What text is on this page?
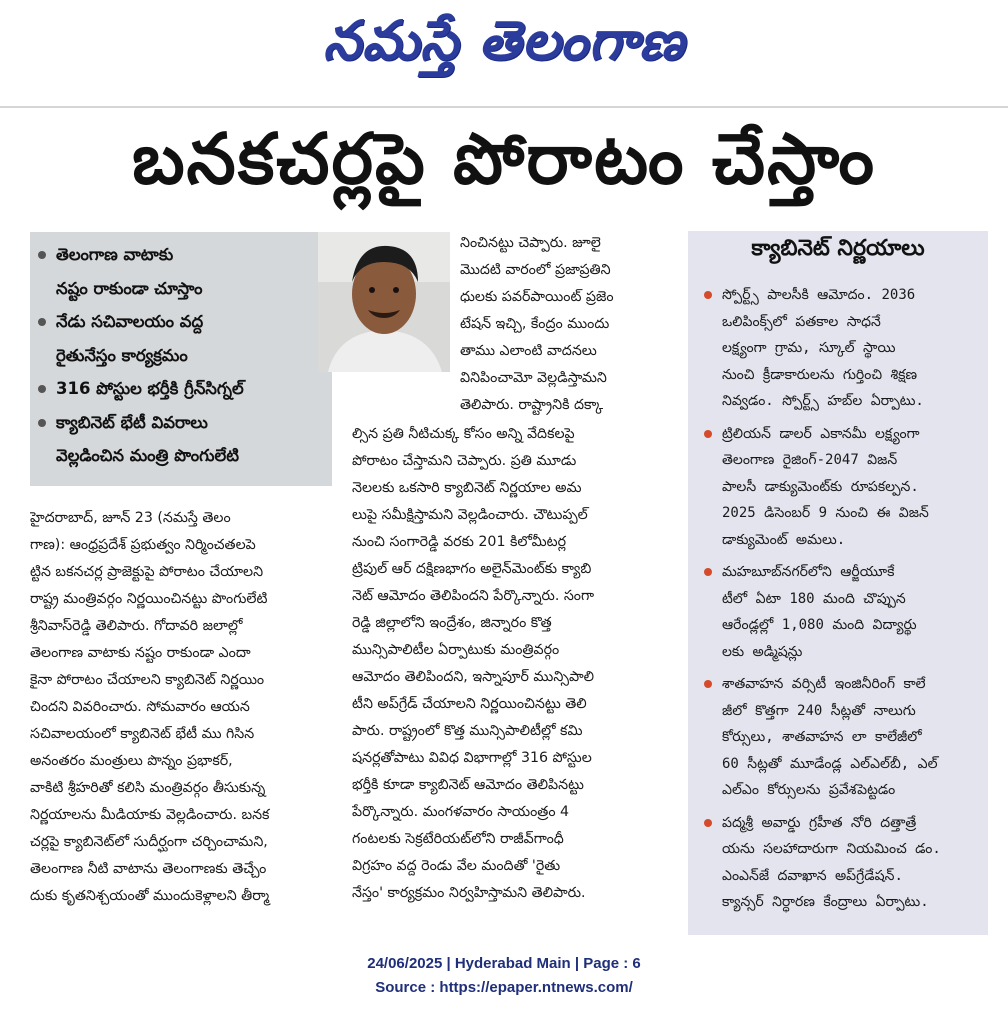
నమస్తే తెలంగాణ
బనకచర్లపై పోరాటం చేస్తాం
తెలంగాణ వాటాకు
నష్టం రాకుండా చూస్తాం
నేడు సచివాలయం వద్ద
రైతునేస్తం కార్యక్రమం
316 పోస్టుల భర్తీకి గ్రీన్‌సిగ్నల్
క్యాబినెట్ భేటీ వివరాలు
వెల్లడించిన మంత్రి పొంగులేటి

హైదరాబాద్, జూన్ 23 (నమస్తే తెలం

గాణ): ఆంధ్రప్రదేశ్ ప్రభుత్వం నిర్మించతలపె

ట్టిన బకనచర్ల ప్రాజెక్టుపై పోరాటం చేయాలని

రాష్ట్ర మంత్రివర్గం నిర్ణయించినట్టు పొంగులేటి

శ్రీనివాస్‌రెడ్డి తెలిపారు. గోదావరి జలాల్లో

తెలంగాణ వాటాకు నష్టం రాకుండా ఎందా

కైనా పోరాటం చేయాలని క్యాబినెట్ నిర్ణయిం

చిందని వివరించారు. సోమవారం ఆయన

సచివాలయంలో క్యాబినెట్ భేటీ ము గిసిన

అనంతరం మంత్రులు పొన్నం ప్రభాకర్,

వాకిటి శ్రీహరితో కలిసి మంత్రివర్గం తీసుకున్న

నిర్ణయాలను మీడియాకు వెల్లడించారు. బనక

చర్లపై క్యాబినెట్‌లో సుదీర్ఘంగా చర్చించామని,

తెలంగాణ నీటి వాటాను తెలంగాణకు తెచ్చేం

దుకు కృతనిశ్చయంతో ముందుకెళ్లాలని తీర్మా

నించినట్టు చెప్పారు. జూలై

మొదటి వారంలో ప్రజాప్రతిని

ధులకు పవర్‌పాయింట్ ప్రజెం

టేషన్ ఇచ్చి, కేంద్రం ముందు

తాము ఎలాంటి వాదనలు

వినిపించామో వెల్లడిస్తామని

తెలిపారు. రాష్ట్రానికి దక్కా

ల్సిన ప్రతి నీటిచుక్క కోసం అన్ని వేదికలపై

పోరాటం చేస్తామని చెప్పారు. ప్రతి మూడు

నెలలకు ఒకసారి క్యాబినెట్ నిర్ణయాల అమ

లుపై సమీక్షిస్తామని వెల్లడించారు. చౌటుప్పల్

నుంచి సంగారెడ్డి వరకు 201 కిలోమీటర్ల

ట్రిపుల్ ఆర్ దక్షిణభాగం అలైన్‌మెంట్‌కు క్యాబి

నెట్ ఆమోదం తెలిపిందని పేర్కొన్నారు. సంగా

రెడ్డి జిల్లాలోని ఇంద్రేశం, జిన్నారం కొత్త

మున్సిపాలిటీల ఏర్పాటుకు మంత్రివర్గం

ఆమోదం తెలిపిందని, ఇస్నాపూర్ మున్సిపాలి

టీని అప్‌గ్రేడ్ చేయాలని నిర్ణయించినట్టు తెలి

పారు. రాష్ట్రంలో కొత్త మున్సిపాలిటీల్లో కమి

షనర్లతోపాటు వివిధ విభాగాల్లో 316 పోస్టుల

భర్తీకి కూడా క్యాబినెట్ ఆమోదం తెలిపినట్టు

పేర్కొన్నారు. మంగళవారం సాయంత్రం 4

గంటలకు సెక్రటేరియట్‌లోని రాజీవ్‌గాంధీ

విగ్రహం వద్ద రెండు వేల మందితో 'రైతు

నేస్తం' కార్యక్రమం నిర్వహిస్తామని తెలిపారు.

క్యాబినెట్ నిర్ణయాలు

స్పోర్ట్స్ పాలసీకి ఆమోదం. 2036

ఒలిపింక్స్‌లో పతకాల సాధనే

లక్ష్యంగా గ్రామ, స్కూల్ స్థాయి

నుంచి క్రీడాకారులను గుర్తించి శిక్షణ

నివ్వడం. స్పోర్ట్స్ హబ్‌ల ఏర్పాటు.

ట్రిలియన్ డాలర్ ఎకానమీ లక్ష్యంగా

తెలంగాణ రైజింగ్-2047 విజన్

పాలసీ డాక్యుమెంట్‌కు రూపకల్పన.

2025 డిసెంబర్ 9 నుంచి ఈ విజన్

డాక్యుమెంట్ అమలు.

మహబూబ్‌నగర్‌లోని ఆర్జీయూకే

టీలో ఏటా 180 మంది చొప్పున

ఆరేండ్లల్లో 1,080 మంది విద్యార్థు

లకు అడ్మిషన్లు

శాతవాహన వర్సిటీ ఇంజినీరింగ్ కాలే

జీలో కొత్తగా 240 సీట్లతో నాలుగు

కోర్సులు, శాతవాహన లా కాలేజీలో

60 సీట్లతో మూడేండ్ల ఎల్ఎల్‌బీ, ఎల్

ఎల్ఎం కోర్సులను ప్రవేశపెట్టడం

పద్మశ్రీ అవార్డు గ్రహీత నోరి దత్తాత్రే

యను సలహాదారుగా నియమించ డం.

ఎంఎన్‌జే దవాఖాన అప్‌గ్రేడేషన్.

క్యాన్సర్ నిర్ధారణ కేంద్రాలు ఏర్పాటు.

24/06/2025 | Hyderabad Main | Page : 6
Source : https://epaper.ntnews.com/
